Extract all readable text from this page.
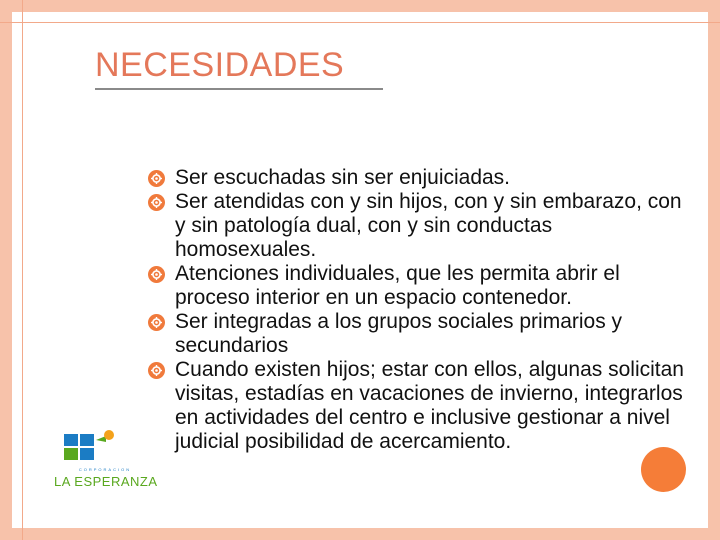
NECESIDADES
Ser escuchadas sin ser enjuiciadas.
Ser atendidas con y sin hijos, con y sin embarazo, con y sin patología dual, con y sin conductas homosexuales.
Atenciones individuales, que les permita abrir el proceso interior en un espacio contenedor.
Ser integradas a los grupos sociales primarios y secundarios
Cuando existen hijos; estar con ellos, algunas solicitan visitas, estadías en vacaciones de invierno, integrarlos en actividades del centro e inclusive gestionar a nivel judicial posibilidad de acercamiento.
CORPORACION
LA ESPERANZA
